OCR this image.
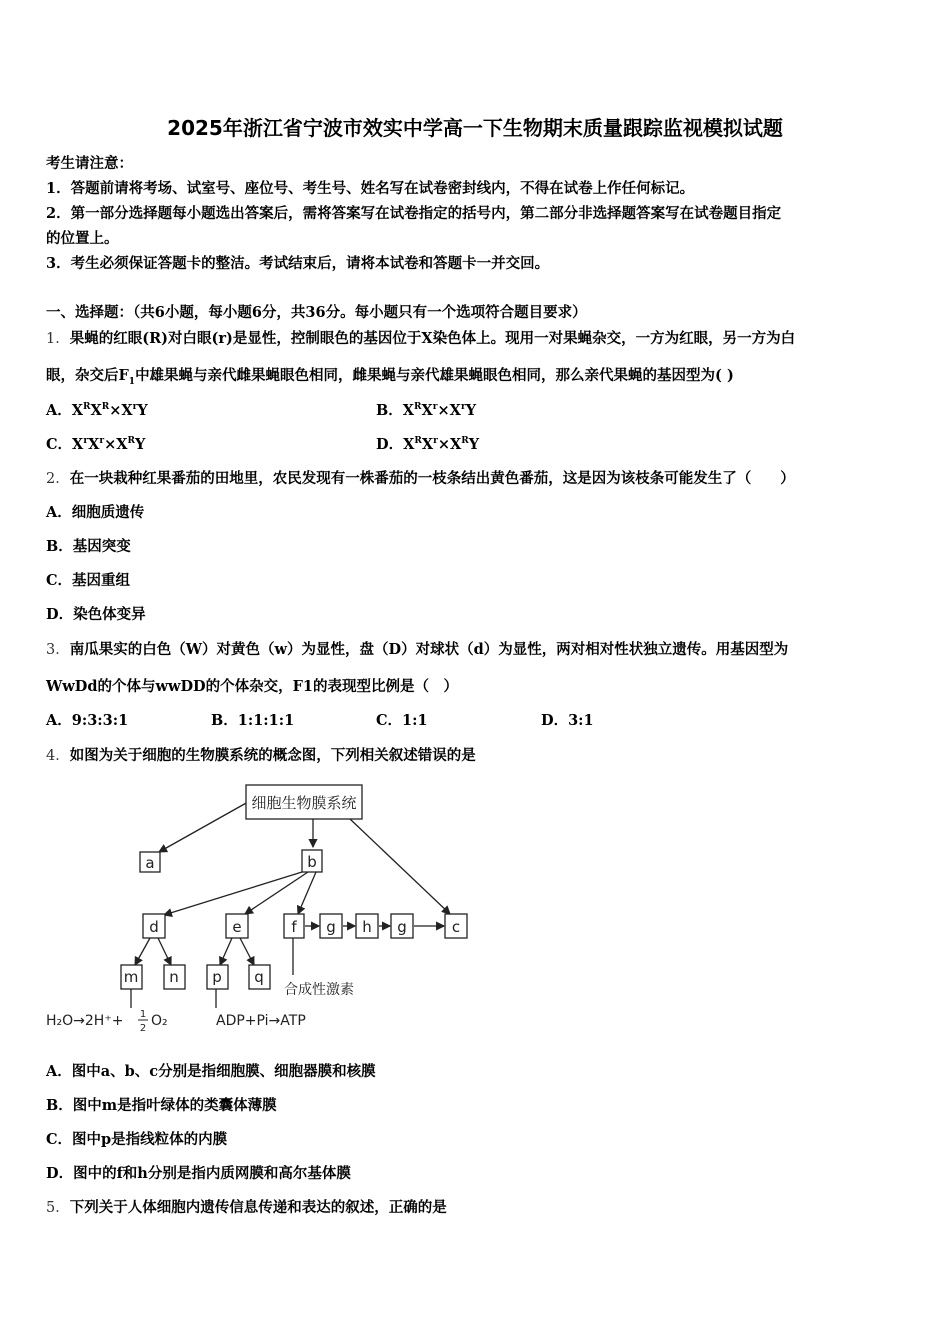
2025年浙江省宁波市效实中学高一下生物期末质量跟踪监视模拟试题
考生请注意：
1．答题前请将考场、试室号、座位号、考生号、姓名写在试卷密封线内，不得在试卷上作任何标记。
2．第一部分选择题每小题选出答案后，需将答案写在试卷指定的括号内，第二部分非选择题答案写在试卷题目指定
的位置上。
3．考生必须保证答题卡的整洁。考试结束后，请将本试卷和答题卡一并交回。
一、选择题：（共6小题，每小题6分，共36分。每小题只有一个选项符合题目要求）
1．果蝇的红眼(R)对白眼(r)是显性，控制眼色的基因位于X染色体上。现用一对果蝇杂交，一方为红眼，另一方为白
眼，杂交后$F_1$中雄果蝇与亲代雌果蝇眼色相同，雌果蝇与亲代雄果蝇眼色相同，那么亲代果蝇的基因型为( )
A．$X^RX^R\times X^rY$	B．$X^RX^r\times X^rY$
C．$X^rX^r\times X^RY$	D．$X^RX^r\times X^RY$
2．在一块栽种红果番茄的田地里，农民发现有一株番茄的一枝条结出黄色番茄，这是因为该枝条可能发生了（　　）
A．细胞质遗传
B．基因突变
C．基因重组
D．染色体变异
3．南瓜果实的白色（W）对黄色（w）为显性，盘（D）对球状（d）为显性，两对相对性状独立遗传。用基因型为
WwDd的个体与wwDD的个体杂交，F1的表现型比例是（　）
A．9:3:3:1	B．1:1:1:1	C．1:1	D．3:1
4．如图为关于细胞的生物膜系统的概念图，下列相关叙述错误的是
细胞生物膜系统
a	b
c
d	e	f g h g
m n p q
合成性激素
H₂O→2H⁺+ 1
2 O₂	ADP+Pi→ATP
A．图中a、b、c分别是指细胞膜、细胞器膜和核膜
B．图中m是指叶绿体的类囊体薄膜
C．图中p是指线粒体的内膜
D．图中的f和h分别是指内质网膜和高尔基体膜
5．下列关于人体细胞内遗传信息传递和表达的叙述，正确的是
